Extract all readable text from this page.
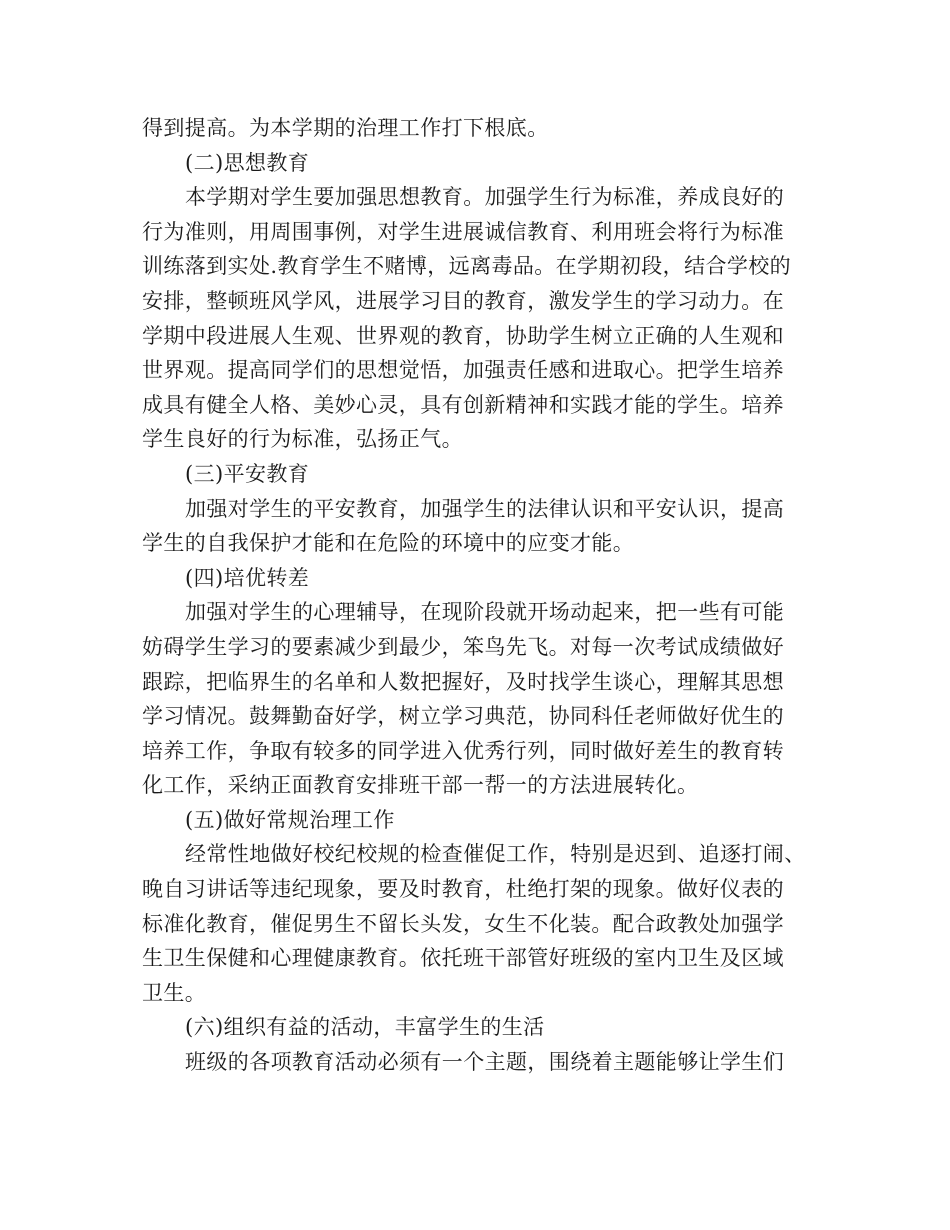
得到提高。为本学期的治理工作打下根底。
(二)思想教育
本学期对学生要加强思想教育。加强学生行为标准，养成良好的
行为准则，用周围事例，对学生进展诚信教育、利用班会将行为标准
训练落到实处.教育学生不赌博，远离毒品。在学期初段，结合学校的
安排，整顿班风学风，进展学习目的教育，激发学生的学习动力。在
学期中段进展人生观、世界观的教育，协助学生树立正确的人生观和
世界观。提高同学们的思想觉悟，加强责任感和进取心。把学生培养
成具有健全人格、美妙心灵，具有创新精神和实践才能的学生。培养
学生良好的行为标准，弘扬正气。
(三)平安教育
加强对学生的平安教育，加强学生的法律认识和平安认识，提高
学生的自我保护才能和在危险的环境中的应变才能。
(四)培优转差
加强对学生的心理辅导，在现阶段就开场动起来，把一些有可能
妨碍学生学习的要素减少到最少，笨鸟先飞。对每一次考试成绩做好
跟踪，把临界生的名单和人数把握好，及时找学生谈心，理解其思想
学习情况。鼓舞勤奋好学，树立学习典范，协同科任老师做好优生的
培养工作，争取有较多的同学进入优秀行列，同时做好差生的教育转
化工作，采纳正面教育安排班干部一帮一的方法进展转化。
(五)做好常规治理工作
经常性地做好校纪校规的检查催促工作，特别是迟到、追逐打闹、
晚自习讲话等违纪现象，要及时教育，杜绝打架的现象。做好仪表的
标准化教育，催促男生不留长头发，女生不化装。配合政教处加强学
生卫生保健和心理健康教育。依托班干部管好班级的室内卫生及区域
卫生。
(六)组织有益的活动，丰富学生的生活
班级的各项教育活动必须有一个主题，围绕着主题能够让学生们
